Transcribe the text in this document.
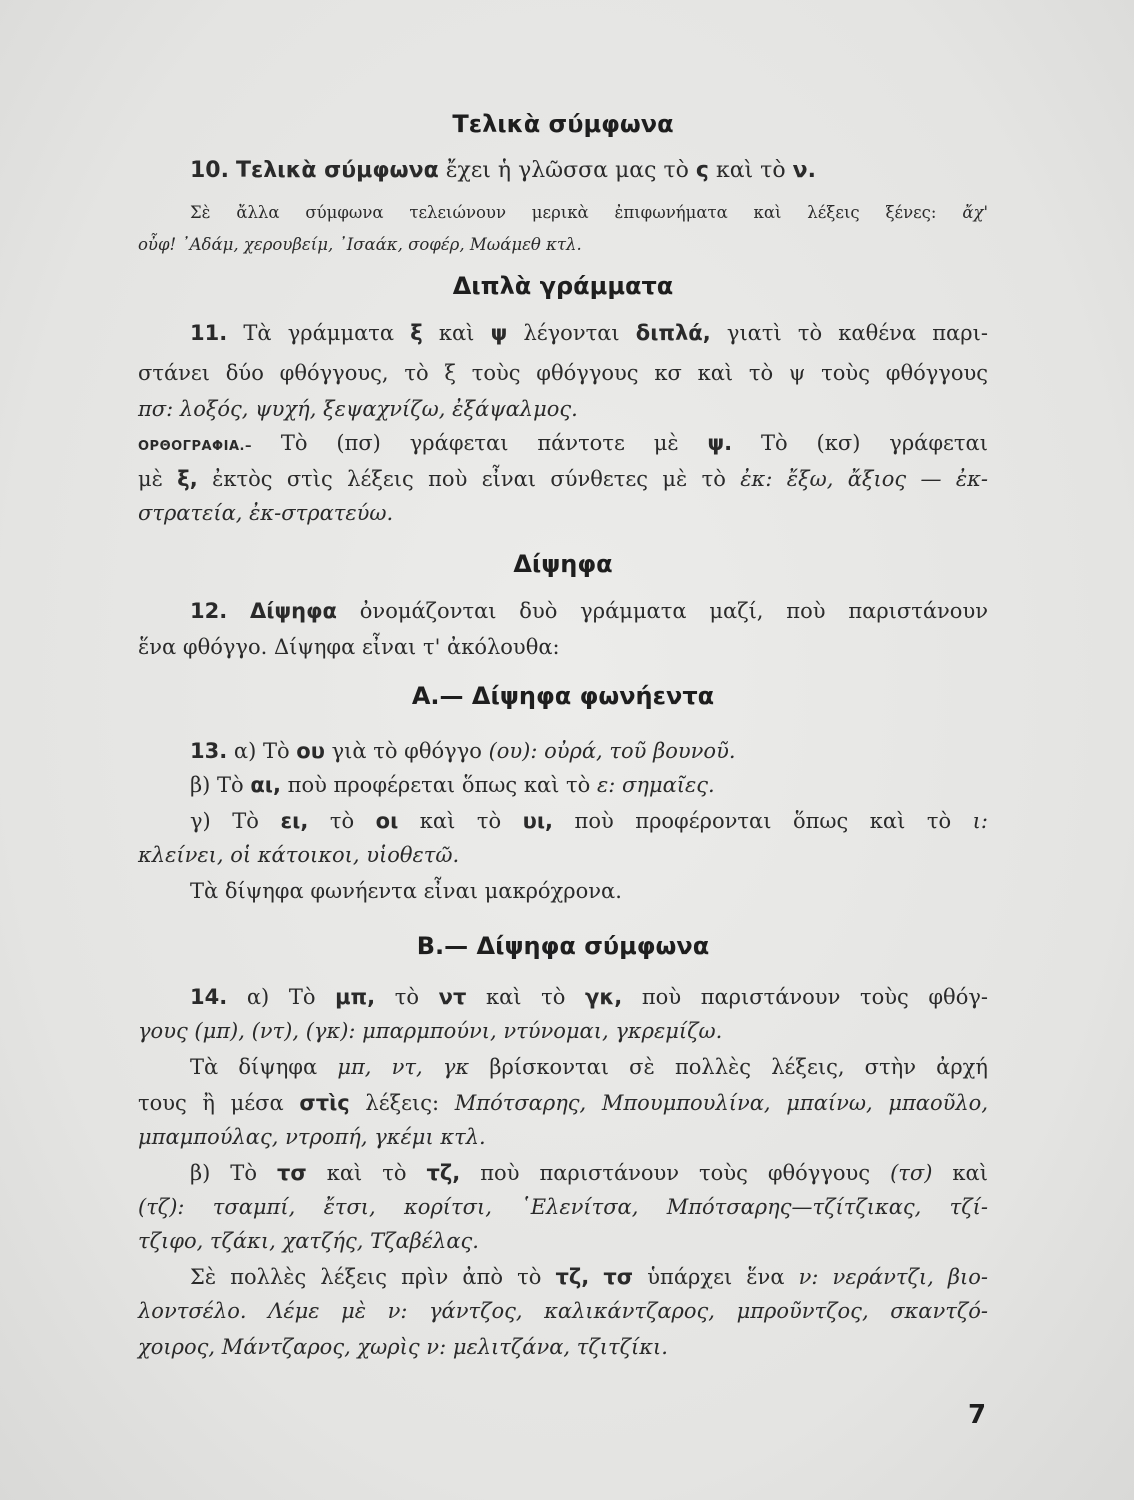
Τελικὰ σύμφωνα
10. Τελικὰ σύμφωνα ἔχει ἡ γλῶσσα μας τὸ ς καὶ τὸ ν.
Σὲ ἄλλα σύμφωνα τελειώνουν μερικὰ ἐπιφωνήματα καὶ λέξεις ξένες: ἄχ'
οὖφ! ᾿Αδάμ, χερουβείμ, ᾿Ισαάκ, σοφέρ, Μωάμεθ κτλ.
Διπλὰ γράμματα
11. Τὰ γράμματα ξ καὶ ψ λέγονται διπλά, γιατὶ τὸ καθένα παρι-
στάνει δύο φθόγγους, τὸ ξ τοὺς φθόγγους κσ καὶ τὸ ψ τοὺς φθόγγους
πσ: λοξός, ψυχή, ξεψαχνίζω, ἐξάψαλμος.
ΟΡΘΟΓΡΑΦΙΑ.– Τὸ (πσ) γράφεται πάντοτε μὲ ψ. Τὸ (κσ) γράφεται
μὲ ξ, ἐκτὸς στὶς λέξεις ποὺ εἶναι σύνθετες μὲ τὸ ἐκ: ἔξω, ἄξιος — ἐκ-
στρατεία, ἐκ-στρατεύω.
Δίψηφα
12. Δίψηφα ὀνομάζονται δυὸ γράμματα μαζί, ποὺ παριστάνουν
ἕνα φθόγγο. Δίψηφα εἶναι τ' ἀκόλουθα:
Α.— Δίψηφα φωνήεντα
13. α) Τὸ ου γιὰ τὸ φθόγγο (ου): οὐρά, τοῦ βουνοῦ.
β) Τὸ αι, ποὺ προφέρεται ὅπως καὶ τὸ ε: σημαῖες.
γ) Τὸ ει, τὸ οι καὶ τὸ υι, ποὺ προφέρονται ὅπως καὶ τὸ ι:
κλείνει, οἱ κάτοικοι, υἱοθετῶ.
Τὰ δίψηφα φωνήεντα εἶναι μακρόχρονα.
Β.— Δίψηφα σύμφωνα
14. α) Τὸ μπ, τὸ ντ καὶ τὸ γκ, ποὺ παριστάνουν τοὺς φθόγ-
γους (μπ), (ντ), (γκ): μπαρμπούνι, ντύνομαι, γκρεμίζω.
Τὰ δίψηφα μπ, ντ, γκ βρίσκονται σὲ πολλὲς λέξεις, στὴν ἀρχή
τους ἢ μέσα στὶς λέξεις: Μπότσαρης, Μπουμπουλίνα, μπαίνω, μπαοῦλο,
μπαμπούλας, ντροπή, γκέμι κτλ.
β) Τὸ τσ καὶ τὸ τζ, ποὺ παριστάνουν τοὺς φθόγγους (τσ) καὶ
(τζ): τσαμπί, ἔτσι, κορίτσι, ῾Ελενίτσα, Μπότσαρης—τζίτζικας, τζί-
τζιφο, τζάκι, χατζής, Τζαβέλας.
Σὲ πολλὲς λέξεις πρὶν ἀπὸ τὸ τζ, τσ ὑπάρχει ἕνα ν: νεράντζι, βιο-
λοντσέλο. Λέμε μὲ ν: γάντζος, καλικάντζαρος, μπροῦντζος, σκαντζό-
χοιρος, Μάντζαρος, χωρὶς ν: μελιτζάνα, τζιτζίκι.
7
